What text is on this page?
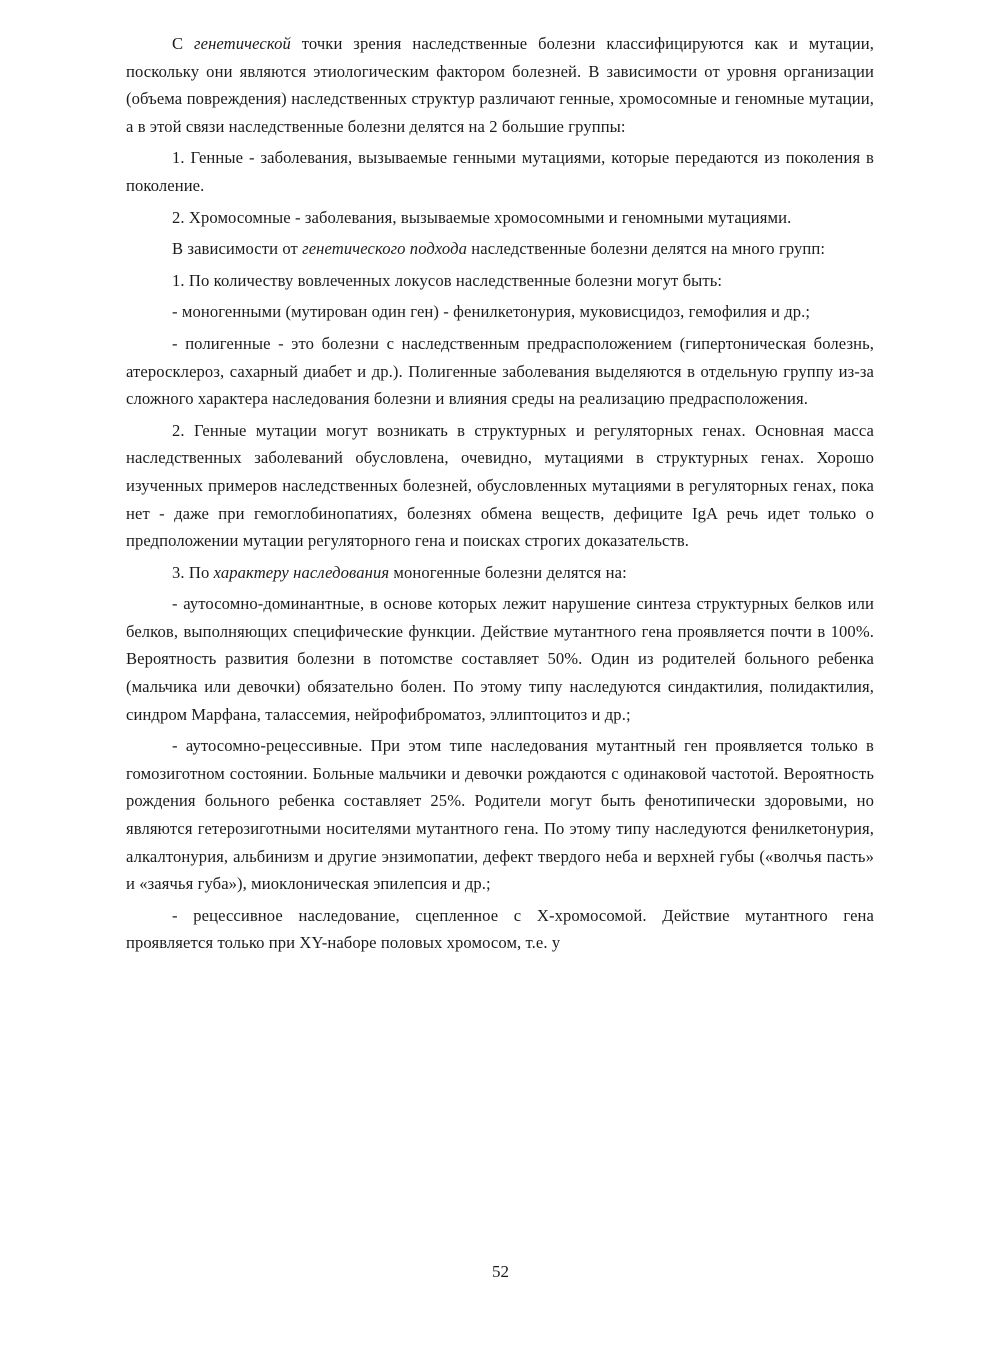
С генетической точки зрения наследственные болезни классифицируются как и мутации, поскольку они являются этиологическим фактором болезней. В зависимости от уровня организации (объема повреждения) наследственных структур различают генные, хромосомные и геномные мутации, а в этой связи наследственные болезни делятся на 2 большие группы:

1. Генные - заболевания, вызываемые генными мутациями, которые передаются из поколения в поколение.

2. Хромосомные - заболевания, вызываемые хромосомными и геномными мутациями.

В зависимости от генетического подхода наследственные болезни делятся на много групп:

1. По количеству вовлеченных локусов наследственные болезни могут быть:

- моногенными (мутирован один ген) - фенилкетонурия, муковисцидоз, гемофилия и др.;

- полигенные - это болезни с наследственным предрасположением (гипертоническая болезнь, атеросклероз, сахарный диабет и др.). Полигенные заболевания выделяются в отдельную группу из-за сложного характера наследования болезни и влияния среды на реализацию предрасположения.

2. Генные мутации могут возникать в структурных и регуляторных генах. Основная масса наследственных заболеваний обусловлена, очевидно, мутациями в структурных генах. Хорошо изученных примеров наследственных болезней, обусловленных мутациями в регуляторных генах, пока нет - даже при гемоглобинопатиях, болезнях обмена веществ, дефиците IgA речь идет только о предположении мутации регуляторного гена и поисках строгих доказательств.

3. По характеру наследования моногенные болезни делятся на:

- аутосомно-доминантные, в основе которых лежит нарушение синтеза структурных белков или белков, выполняющих специфические функции. Действие мутантного гена проявляется почти в 100%. Вероятность развития болезни в потомстве составляет 50%. Один из родителей больного ребенка (мальчика или девочки) обязательно болен. По этому типу наследуются синдактилия, полидактилия, синдром Марфана, талассемия, нейрофиброматоз, эллиптоцитоз и др.;

- аутосомно-рецессивные. При этом типе наследования мутантный ген проявляется только в гомозиготном состоянии. Больные мальчики и девочки рождаются с одинаковой частотой. Вероятность рождения больного ребенка составляет 25%. Родители могут быть фенотипически здоровыми, но являются гетерозиготными носителями мутантного гена. По этому типу наследуются фенилкетонурия, алкалтонурия, альбинизм и другие энзимопатии, дефект твердого неба и верхней губы («волчья пасть» и «заячья губа»), миоклоническая эпилепсия и др.;

- рецессивное наследование, сцепленное с Х-хромосомой. Действие мутантного гена проявляется только при ХY-наборе половых хромосом, т.е. у

52
